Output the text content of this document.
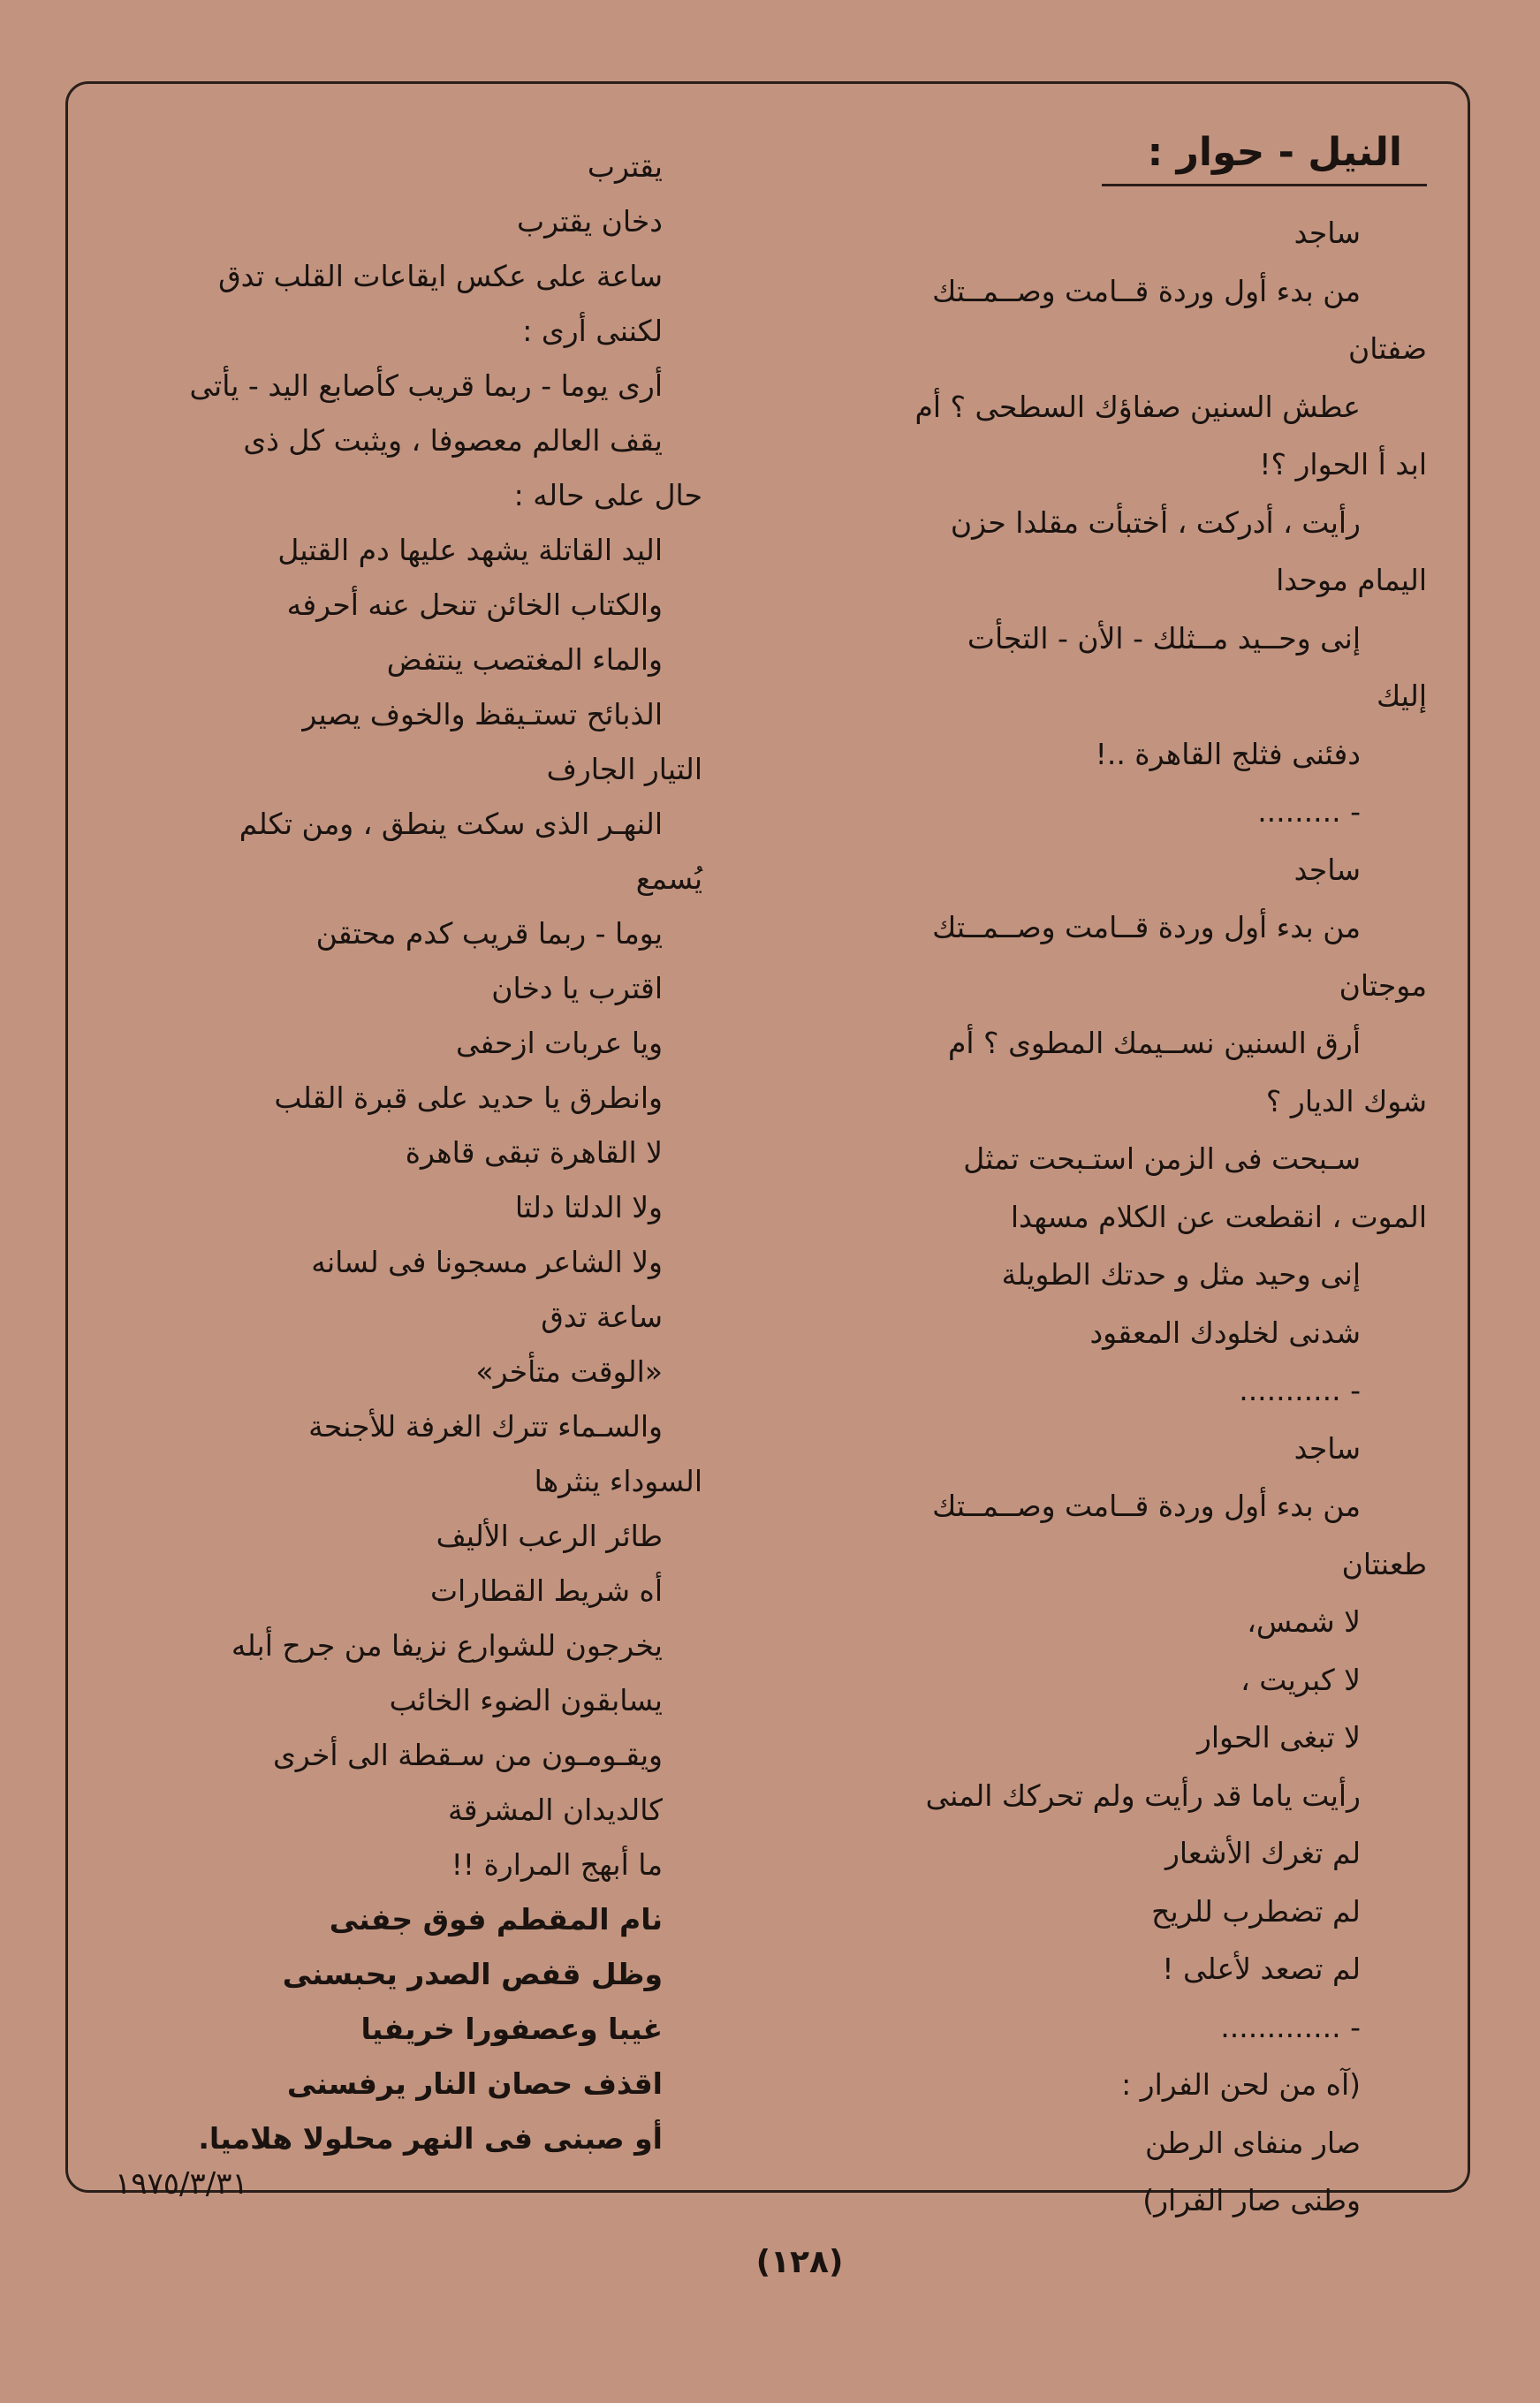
النيل - حوار :
ساجد
من بدء أول وردة قــامت وصــمــتك
ضفتان
عطش السنين صفاؤك السطحى ؟ أم
ابد أ الحوار ؟!
رأيت ، أدركت ، أختبأت مقلدا حزن
اليمام موحدا
إنى وحــيد مــثلك - الأن - التجأت
إليك
دفئنى فثلج القاهرة ..!
- .........
ساجد
من بدء أول وردة قــامت وصــمــتك
موجتان
أرق السنين نســيمك المطوى ؟ أم
شوك الديار ؟
سـبحت فى الزمن استـبحت تمثل
الموت ، انقطعت عن الكلام مسهدا
إنى وحيد مثل و حدتك الطويلة
شدنى لخلودك المعقود
- ...........
ساجد
من بدء أول وردة قــامت وصــمــتك
طعنتان
لا شمس،
لا كبريت ،
لا تبغى الحوار
رأيت ياما قد رأيت ولم تحركك المنى
لم تغرك الأشعار
لم تضطرب للريح
لم تصعد لأعلى !
- .............
(آه من لحن الفرار :
صار منفاى الرطن
وطنى صار الفرار)
يقترب
دخان يقترب
ساعة على عكس ايقاعات القلب تدق
لكننى أرى :
أرى يوما - ربما قريب كأصابع اليد - يأتى
يقف العالم معصوفا ، ويثبت كل ذى
حال على حاله :
اليد القاتلة يشهد عليها دم القتيل
والكتاب الخائن تنحل عنه أحرفه
والماء المغتصب ينتفض
الذبائح تستـيقظ والخوف يصير
التيار الجارف
النهـر الذى سكت ينطق ، ومن تكلم
يُسمع
يوما - ربما قريب كدم محتقن
اقترب يا دخان
ويا عربات ازحفى
وانطرق يا حديد على قبرة القلب
لا القاهرة تبقى قاهرة
ولا الدلتا دلتا
ولا الشاعر مسجونا فى لسانه
ساعة تدق
«الوقت متأخر»
والسـماء تترك الغرفة للأجنحة
السوداء ينثرها
طائر الرعب الأليف
أه شريط القطارات
يخرجون للشوارع نزيفا من جرح أبله
يسابقون الضوء الخائب
ويقـومـون من سـقطة الى أخرى
كالديدان المشرقة
ما أبهج المرارة !!
نام المقطم فوق جفنى
وظل قفص الصدر يحبسنى
غيبا وعصفورا خريفيا
اقذف حصان النار يرفسنى
أو صبنى فى النهر محلولا هلاميا.
١٩٧٥/٣/٣١
(١٢٨)
